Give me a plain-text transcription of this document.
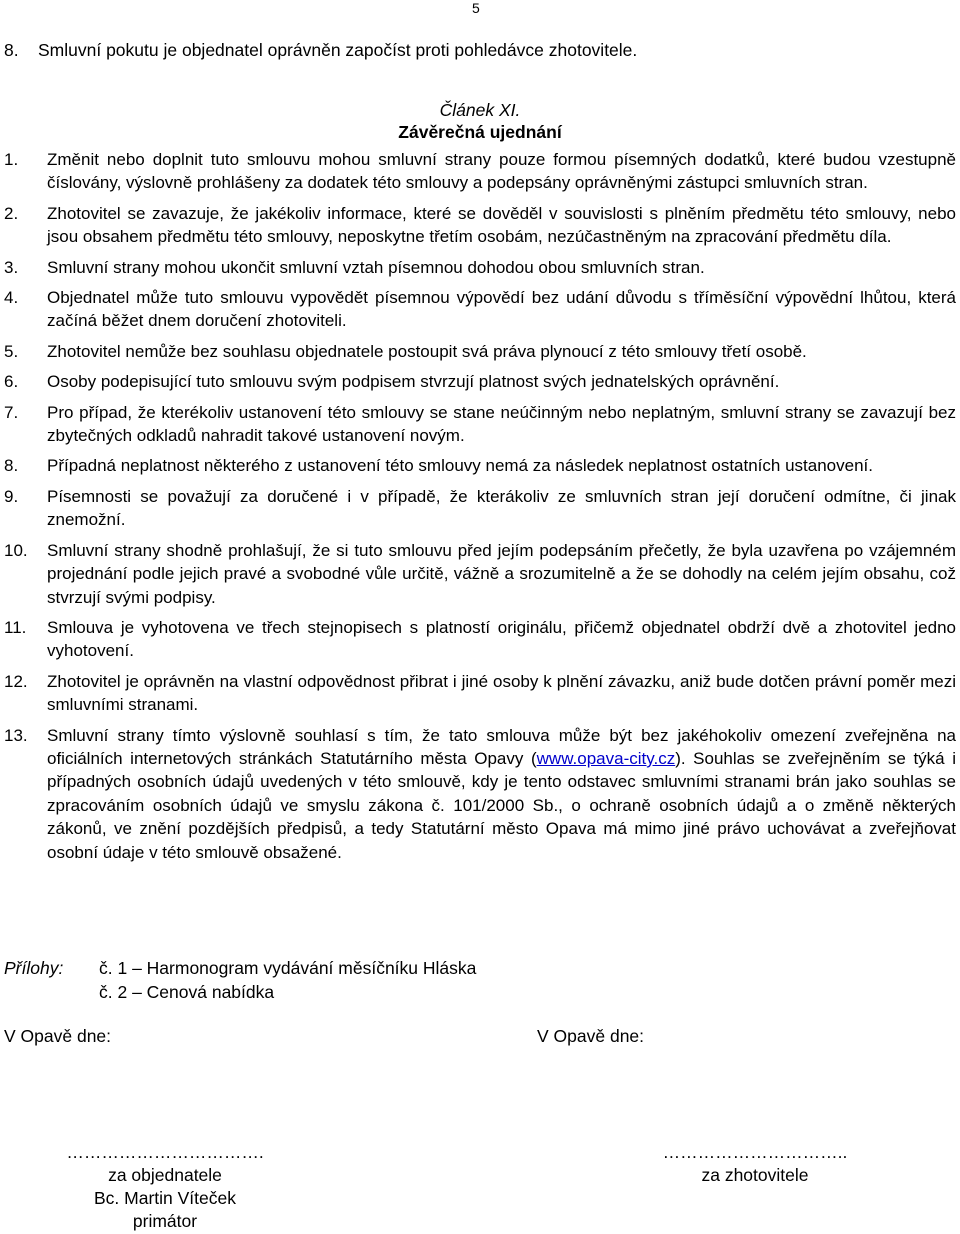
5
8. Smluvní pokutu je objednatel oprávněn započíst proti pohledávce zhotovitele.
Článek XI.
Závěrečná ujednání
1. Změnit nebo doplnit tuto smlouvu mohou smluvní strany pouze formou písemných dodatků, které budou vzestupně číslovány, výslovně prohlášeny za dodatek této smlouvy a podepsány oprávněnými zástupci smluvních stran.
2. Zhotovitel se zavazuje, že jakékoliv informace, které se dověděl v souvislosti s plněním předmětu této smlouvy, nebo jsou obsahem předmětu této smlouvy, neposkytne třetím osobám, nezúčastněným na zpracování předmětu díla.
3. Smluvní strany mohou ukončit smluvní vztah písemnou dohodou obou smluvních stran.
4. Objednatel může tuto smlouvu vypovědět písemnou výpovědí bez udání důvodu s tříměsíční výpovědní lhůtou, která začíná běžet dnem doručení zhotoviteli.
5. Zhotovitel nemůže bez souhlasu objednatele postoupit svá práva plynoucí z této smlouvy třetí osobě.
6. Osoby podepisující tuto smlouvu svým podpisem stvrzují platnost svých jednatelských oprávnění.
7. Pro případ, že kterékoliv ustanovení této smlouvy se stane neúčinným nebo neplatným, smluvní strany se zavazují bez zbytečných odkladů nahradit takové ustanovení novým.
8. Případná neplatnost některého z ustanovení této smlouvy nemá za následek neplatnost ostatních ustanovení.
9. Písemnosti se považují za doručené i v případě, že kterákoliv ze smluvních stran její doručení odmítne, či jinak znemožní.
10. Smluvní strany shodně prohlašují, že si tuto smlouvu před jejím podepsáním přečetly, že byla uzavřena po vzájemném projednání podle jejich pravé a svobodné vůle určitě, vážně a srozumitelně a že se dohodly na celém jejím obsahu, což stvrzují svými podpisy.
11. Smlouva je vyhotovena ve třech stejnopisech s platností originálu, přičemž objednatel obdrží dvě a zhotovitel jedno vyhotovení.
12. Zhotovitel je oprávněn na vlastní odpovědnost přibrat i jiné osoby k plnění závazku, aniž bude dotčen právní poměr mezi smluvními stranami.
13. Smluvní strany tímto výslovně souhlasí s tím, že tato smlouva může být bez jakéhokoliv omezení zveřejněna na oficiálních internetových stránkách Statutárního města Opavy (www.opava-city.cz). Souhlas se zveřejněním se týká i případných osobních údajů uvedených v této smlouvě, kdy je tento odstavec smluvními stranami brán jako souhlas se zpracováním osobních údajů ve smyslu zákona č. 101/2000 Sb., o ochraně osobních údajů a o změně některých zákonů, ve znění pozdějších předpisů, a tedy Statutární město Opava má mimo jiné právo uchovávat a zveřejňovat osobní údaje v této smlouvě obsažené.
Přílohy: č. 1 – Harmonogram vydávání měsíčníku Hláska
č. 2 – Cenová nabídka
V Opavě dne:	V Opavě dne:
…………………………….
za objednatele
Bc. Martin Víteček
primátor
…………………………..
za zhotovitele
